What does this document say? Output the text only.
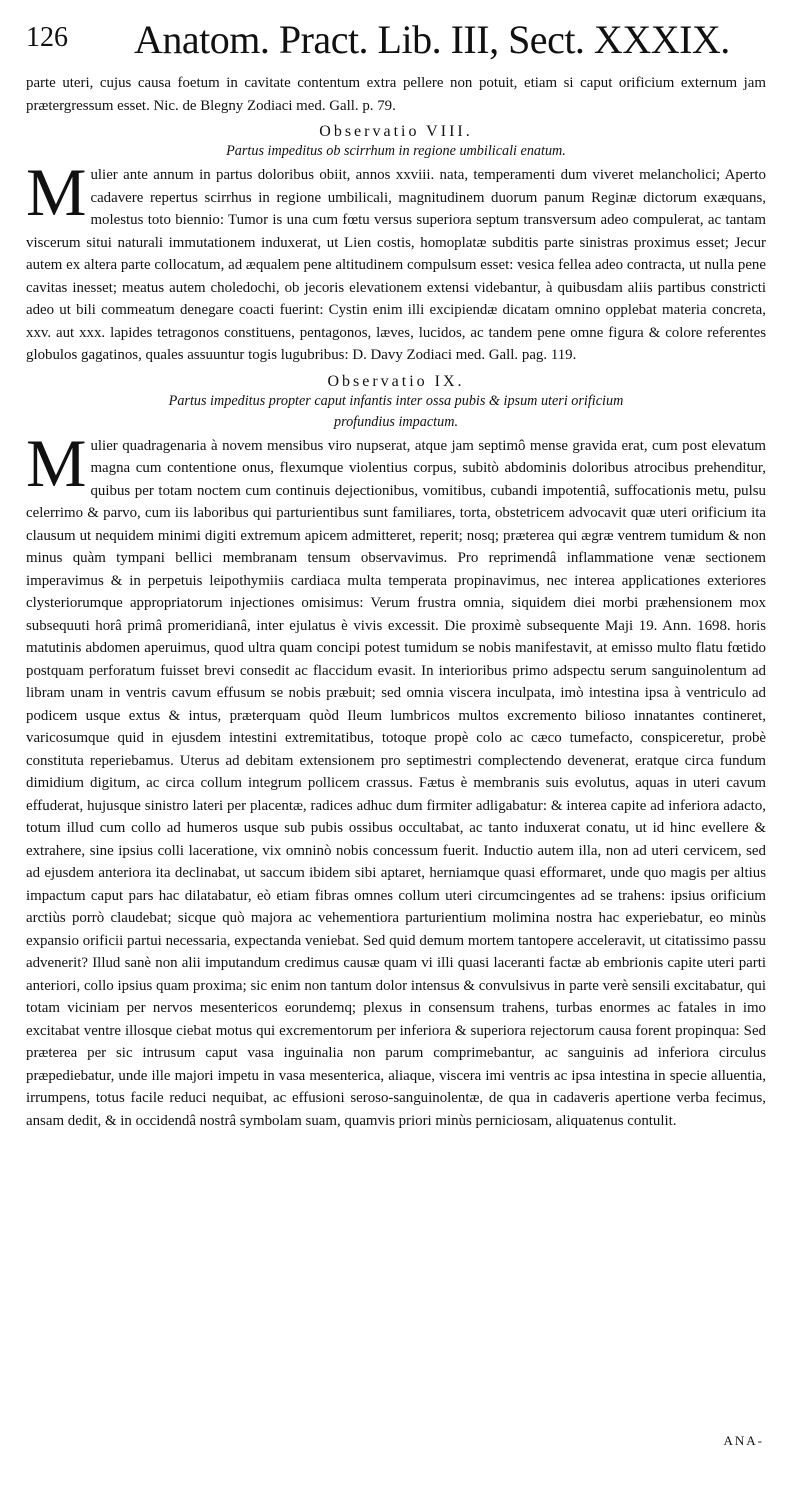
126 Anatom. Pract. Lib. III, Sect. XXXIX.

parte uteri, cujus causa foetum in cavitate contentum extra pellere non potuit, etiam si caput orificium externum jam prætergressum esset. Nic. de Blegny Zodiaci med. Gall. p. 79.

Observatio VIII.
Partus impeditus ob scirrhum in regione umbilicali enatum.

Mulier ante annum in partus doloribus obiit, annos xxviii. nata, temperamenti dum viveret melancholici; Aperto cadavere repertus scirrhus in regione umbilicali, magnitudinem duorum panum Reginæ dictorum exæquans, molestus toto biennio: Tumor is una cum fœtu versus superiora septum transversum adeo compulerat, ac tantam viscerum situi naturali immutationem induxerat, ut Lien costis, homoplatæ subditis parte sinistras proximus esset; Jecur autem ex altera parte collocatum, ad æqualem pene altitudinem compulsum esset: vesica fellea adeo contracta, ut nulla pene cavitas inesset; meatus autem choledochi, ob jecoris elevationem extensi videbantur, à quibusdam aliis partibus constricti adeo ut bili commeatum denegare coacti fuerint: Cystin enim illi excipiendæ dicatam omnino opplebat materia concreta, xxv. aut xxx. lapides tetragonos constituens, pentagonos, læves, lucidos, ac tandem pene omne figura & colore referentes globulos gagatinos, quales assuuntur togis lugubribus: D. Davy Zodiaci med. Gall. pag. 119.

Observatio IX.
Partus impeditus propter caput infantis inter ossa pubis & ipsum uteri orificium
profundius impactum.

Mulier quadragenaria à novem mensibus viro nupserat, atque jam septimô mense gravida erat, cum post elevatum magna cum contentione onus, flexumque violentius corpus, subitò abdominis doloribus atrocibus prehenditur, quibus per totam noctem cum continuis dejectionibus, vomitibus, cubandi impotentiâ, suffocationis metu, pulsu celerrimo & parvo, cum iis laboribus qui parturientibus sunt familiares, torta, obstetricem advocavit quæ uteri orificium ita clausum ut nequidem minimi digiti extremum apicem admitteret, reperit; nosq; præterea qui ægræ ventrem tumidum & non minus quàm tympani bellici membranam tensum observavimus. Pro reprimendâ inflammatione venæ sectionem imperavimus & in perpetuis leipothymiis cardiaca multa temperata propinavimus, nec interea applicationes exteriores clysteriorumque appropriatorum injectiones omisimus: Verum frustra omnia, siquidem diei morbi præhensionem mox subsequuti horâ primâ promeridianâ, inter ejulatus è vivis excessit. Die proximè subsequente Maji 19. Ann. 1698. horis matutinis abdomen aperuimus, quod ultra quam concipi potest tumidum se nobis manifestavit, at emisso multo flatu fœtido postquam perforatum fuisset brevi consedit ac flaccidum evasit. In interioribus primo adspectu serum sanguinolentum ad libram unam in ventris cavum effusum se nobis præbuit; sed omnia viscera inculpata, imò intestina ipsa à ventriculo ad podicem usque extus & intus, præterquam quòd Ileum lumbricos multos excremento bilioso innatantes contineret, varicosumque quid in ejusdem intestini extremitatibus, totoque propè colo ac cæco tumefacto, conspiceretur, probè constituta reperiebamus. Uterus ad debitam extensionem pro septimestri complectendo devenerat, eratque circa fundum dimidium digitum, ac circa collum integrum pollicem crassus. Fætus è membranis suis evolutus, aquas in uteri cavum effuderat, hujusque sinistro lateri per placentæ, radices adhuc dum firmiter adligabatur: & interea capite ad inferiora adacto, totum illud cum collo ad humeros usque sub pubis ossibus occultabat, ac tanto induxerat conatu, ut id hinc evellere & extrahere, sine ipsius colli laceratione, vix omninò nobis concessum fuerit. Inductio autem illa, non ad uteri cervicem, sed ad ejusdem anteriora ita declinabat, ut saccum ibidem sibi aptaret, herniamque quasi efformaret, unde quo magis per altius impactum caput pars hac dilatabatur, eò etiam fibras omnes collum uteri circumcingentes ad se trahens: ipsius orificium arctiùs porrò claudebat; sicque quò majora ac vehementiora parturientium molimina nostra hac experiebatur, eo minùs expansio orificii partui necessaria, expectanda veniebat. Sed quid demum mortem tantopere acceleravit, ut citatissimo passu advenerit? Illud sanè non alii imputandum credimus causæ quam vi illi quasi laceranti factæ ab embrionis capite uteri parti anteriori, collo ipsius quam proxima; sic enim non tantum dolor intensus & convulsivus in parte verè sensili excitabatur, qui totam viciniam per nervos mesentericos eorundemq; plexus in consensum trahens, turbas enormes ac fatales in imo excitabat ventre illosque ciebat motus qui excrementorum per inferiora & superiora rejectorum causa forent propinqua: Sed præterea per sic intrusum caput vasa inguinalia non parum comprimebantur, ac sanguinis ad inferiora circulus præpediebatur, unde ille majori impetu in vasa mesenterica, aliaque, viscera imi ventris ac ipsa intestina in specie alluentia, irrumpens, totus facile reduci nequibat, ac effusioni seroso-sanguinolentæ, de qua in cadaveris apertione verba fecimus, ansam dedit, & in occidendâ nostrâ symbolam suam, quamvis priori minùs perniciosam, aliquatenus contulit.

ANA-
